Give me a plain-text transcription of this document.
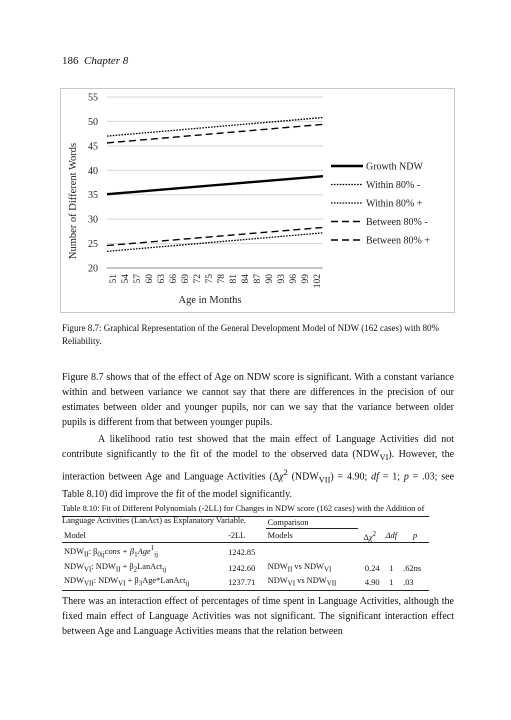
186 Chapter 8
20
25
30
35
40
45
50
55
51 54 57 60 63 66 69 72 75 78 81 84 87 90 93 96 99 102
Growth NDW
Within 80% -
Within 80% +
Between 80% -
Between 80% +
Number of Different Words
Age in Months
Figure 8.7: Graphical Representation of the General Development Model of NDW (162 cases) with 80% Reliability.
Figure 8.7 shows that of the effect of Age on NDW score is significant. With a constant variance within and between variance we cannot say that there are differences in the precision of our estimates between older and younger pupils, nor can we say that the variance between older pupils is different from that between younger pupils.
A likelihood ratio test showed that the main effect of Language Activities did not contribute significantly to the fit of the model to the observed data $(NDW_{VI})$. However, the interaction between Age and Language Activities ($\Delta\chi^2$ $(NDW_{VII}) = 4.90$; df = 1; p = .03; see Table 8.10) did improve the fit of the model significantly.
Table 8.10: Fit of Different Polynomials (-2LL) for Changes in NDW score (162 cases) with the Addition of Language Activities (LanAct) as Explanatory Variable.
			Comparison			
Model	-2LL	Models	$\Delta\chi^2$	Δdf	p
$NDW_{II}$: $\beta_{0ij}cons + \beta_1Age^1_{ij}$	1242.85				
$NDW_{VI}$: $NDW_{II}$ + $\beta_2LanAct_{ij}$	1242.60	$NDW_{II}$ vs $NDW_{VI}$	0.24	1	.62ns
$NDW_{VII}$: $NDW_{VI}$ + $\beta_3Age*LanAct_{ij}$	1237.71	$NDW_{VI}$ vs $NDW_{VII}$	4.90	1	.03
There was an interaction effect of percentages of time spent in Language Activities, although the fixed main effect of Language Activities was not significant. The significant interaction effect between Age and Language Activities means that the relation between
